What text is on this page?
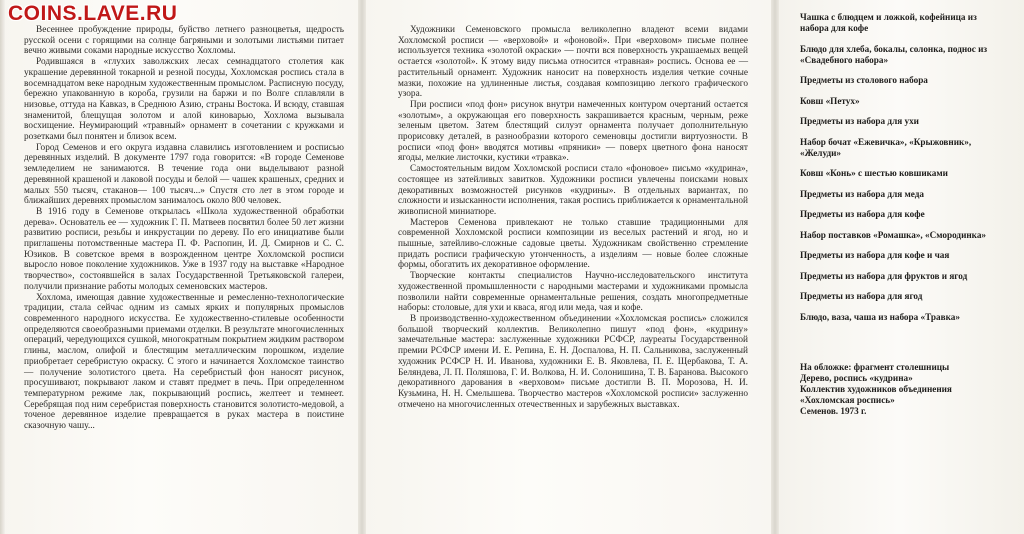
Весеннее пробуждение природы, буйство летнего разноцветья, щедрость русской осени с горящими на солнце багряными и золотыми листьями питает вечно живыми соками народные искусство Хохломы.

Родившаяся в «глухих заволжских лесах семнадцатого столетия как украшение деревянной токарной и резной посуды, Хохломская роспись стала в восемнадцатом веке народным художественным промыслом. Расписную посуду, бережно упакованную в короба, грузили на баржи и по Волге сплавляли в низовье, оттуда на Кавказ, в Среднюю Азию, страны Востока. И всюду, ставшая знаменитой, блещущая золотом и алой киноварью, Хохлома вызывала восхищение. Неумирающий «травный» орнамент в сочетании с кружками и розетками был понятен и близок всем.

Город Семенов и его округа издавна славились изготовлением и росписью деревянных изделий. В документе 1797 года говорится: «В городе Семенове земледелием не занимаются. В течение года они выделывают разной деревянной крашеной и лаковой посуды и белой — чашек крашеных, средних и малых 550 тысяч, стаканов— 100 тысяч...» Спустя сто лет в этом городе и ближайших деревнях промыслом занималось около 800 человек.

В 1916 году в Семенове открылась «Школа художественной обработки дерева». Основатель ее — художник Г. П. Матвеев посвятил более 50 лет жизни развитию росписи, резьбы и инкрустации по дереву. По его инициативе были приглашены потомственные мастера П. Ф. Распопин, И. Д. Смирнов и С. С. Юзиков. В советское время в возрожденном центре Хохломской росписи выросло новое поколение художников. Уже в 1937 году на выставке «Народное творчество», состоявшейся в залах Государственной Третьяковской галереи, получили признание работы молодых семеновских мастеров.

Хохлома, имеющая давние художественные и ремесленно-технологические традиции, стала сейчас одним из самых ярких и популярных промыслов современного народного искусства. Ее художественно-стилевые особенности определяются своеобразными приемами отделки. В результате многочисленных операций, чередующихся сушкой, многократным покрытием жидким раствором глины, маслом, олифой и блестящим металлическим порошком, изделие приобретает серебристую окраску. С этого и начинается Хохломское таинство — получение золотистого цвета. На серебристый фон наносят рисунок, просушивают, покрывают лаком и ставят предмет в печь. При определенном температурном режиме лак, покрывающий роспись, желтеет и темнеет. Серебрящая под ним серебристая поверхность становится золотисто-медовой, а точеное деревянное изделие превращается в руках мастера в поистине сказочную чашу...

Художники Семеновского промысла великолепно владеют всеми видами Хохломской росписи — «верховой» и «фоновой». При «верховом» письме полнее используется техника «золотой окраски» — почти вся поверхность украшаемых вещей остается «золотой». К этому виду письма относится «травная» роспись. Основа ее — растительный орнамент. Художник наносит на поверхность изделия четкие сочные мазки, похожие на удлиненные листья, создавая композицию легкого графического узора.

При росписи «под фон» рисунок внутри намеченных контуром очертаний остается «золотым», а окружающая его поверхность закрашивается красным, черным, реже зеленым цветом. Затем блестящий силуэт орнамента получает дополнительную прорисовку деталей, в разнообразии которого семеновцы достигли виртуозности. В росписи «под фон» вводятся мотивы «пряники» — поверх цветного фона наносят ягоды, мелкие листочки, кустики «травка».

Самостоятельным видом Хохломской росписи стало «фоновое» письмо «кудрина», состоящее из затейливых завитков. Художники росписи увлечены поисками новых декоративных возможностей рисунков «кудрины». В отдельных вариантах, по сложности и изысканности исполнения, такая роспись приближается к орнаментальной живописной миниатюре.

Мастеров Семенова привлекают не только ставшие традиционными для современной Хохломской росписи композиции из веселых растений и ягод, но и пышные, затейливо-сложные садовые цветы. Художникам свойственно стремление придать росписи графическую утонченность, а изделиям — новые более сложные формы, обогатить их декоративное оформление.

Творческие контакты специалистов Научно-исследовательского института художественной промышленности с народными мастерами и художниками промысла позволили найти современные орнаментальные решения, создать многопредметные наборы: столовые, для ухи и кваса, ягод или меда, чая и кофе.

В производственно-художественном объединении «Хохломская роспись» сложился большой творческий коллектив. Великолепно пишут «под фон», «кудрину» замечательные мастера: заслуженные художники РСФСР, лауреаты Государственной премии РСФСР имени И. Е. Репина, Е. Н. Доспалова, Н. П. Сальникова, заслуженный художник РСФСР Н. И. Иванова, художники Е. В. Яковлева, П. Е. Щербакова, Т. А. Беляндева, Л. П. Поляшова, Г. И. Волкова, Н. И. Солонишина, Т. В. Баранова. Высокого декоративного дарования в «верховом» письме достигли В. П. Морозова, Н. И. Кузьмина, Н. Н. Смелышева. Творчество мастеров «Хохломской росписи» заслуженно отмечено на многочисленных отечественных и зарубежных выставках.

Чашка с блюдцем и ложкой, кофейница из набора для кофе
Блюдо для хлеба, бокалы, солонка, поднос из «Свадебного набора»
Предметы из столового набора
Ковш «Петух»
Предметы из набора для ухи
Набор бочат «Ежевичка», «Крыжовник», «Желуди»
Ковш «Конь» с шестью ковшиками
Предметы из набора для меда
Предметы из набора для кофе
Набор поставков «Ромашка», «Смородинка»
Предметы из набора для кофе и чая
Предметы из набора для фруктов и ягод
Предметы из набора для ягод
Блюдо, ваза, чаша из набора «Травка»
На обложке: фрагмент столешницы
Дерево, роспись «кудрина»
Коллектив художников объединения «Хохломская роспись»
Семенов. 1973 г.
COINS.LAVE.RU
